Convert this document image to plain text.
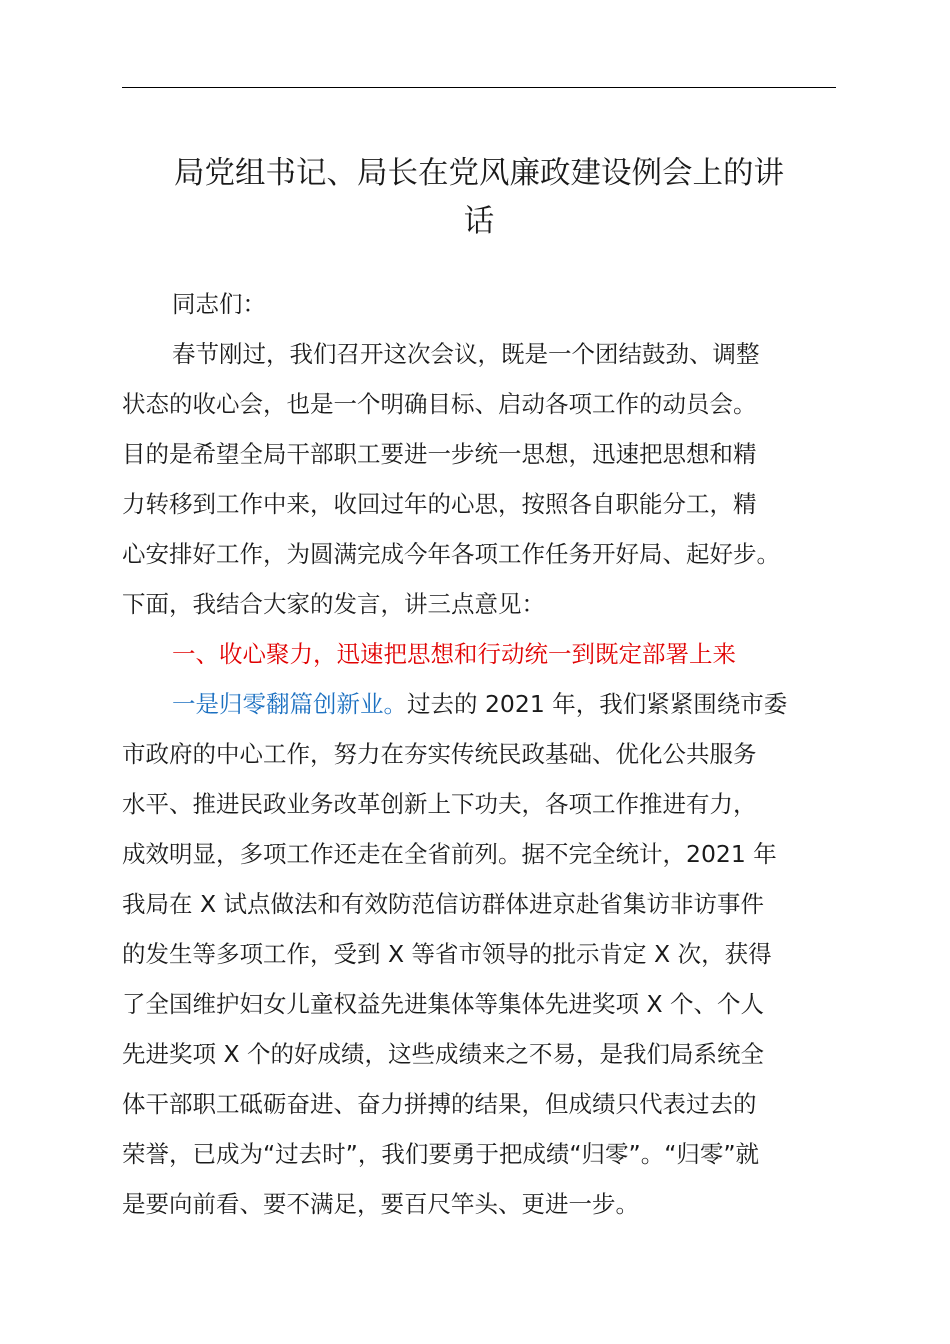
局党组书记、局长在党风廉政建设例会上的讲
话
同志们：
春节刚过，我们召开这次会议，既是一个团结鼓劲、调整
状态的收心会，也是一个明确目标、启动各项工作的动员会。
目的是希望全局干部职工要进一步统一思想，迅速把思想和精
力转移到工作中来，收回过年的心思，按照各自职能分工，精
心安排好工作，为圆满完成今年各项工作任务开好局、起好步。
下面，我结合大家的发言，讲三点意见：
一、收心聚力，迅速把思想和行动统一到既定部署上来
一是归零翻篇创新业。过去的 2021 年，我们紧紧围绕市委
市政府的中心工作，努力在夯实传统民政基础、优化公共服务
水平、推进民政业务改革创新上下功夫，各项工作推进有力，
成效明显，多项工作还走在全省前列。据不完全统计，2021 年
我局在 X 试点做法和有效防范信访群体进京赴省集访非访事件
的发生等多项工作，受到 X 等省市领导的批示肯定 X 次，获得
了全国维护妇女儿童权益先进集体等集体先进奖项 X 个、个人
先进奖项 X 个的好成绩，这些成绩来之不易，是我们局系统全
体干部职工砥砺奋进、奋力拼搏的结果，但成绩只代表过去的
荣誉，已成为“过去时”，我们要勇于把成绩“归零”。“归零”就
是要向前看、要不满足，要百尺竿头、更进一步。
